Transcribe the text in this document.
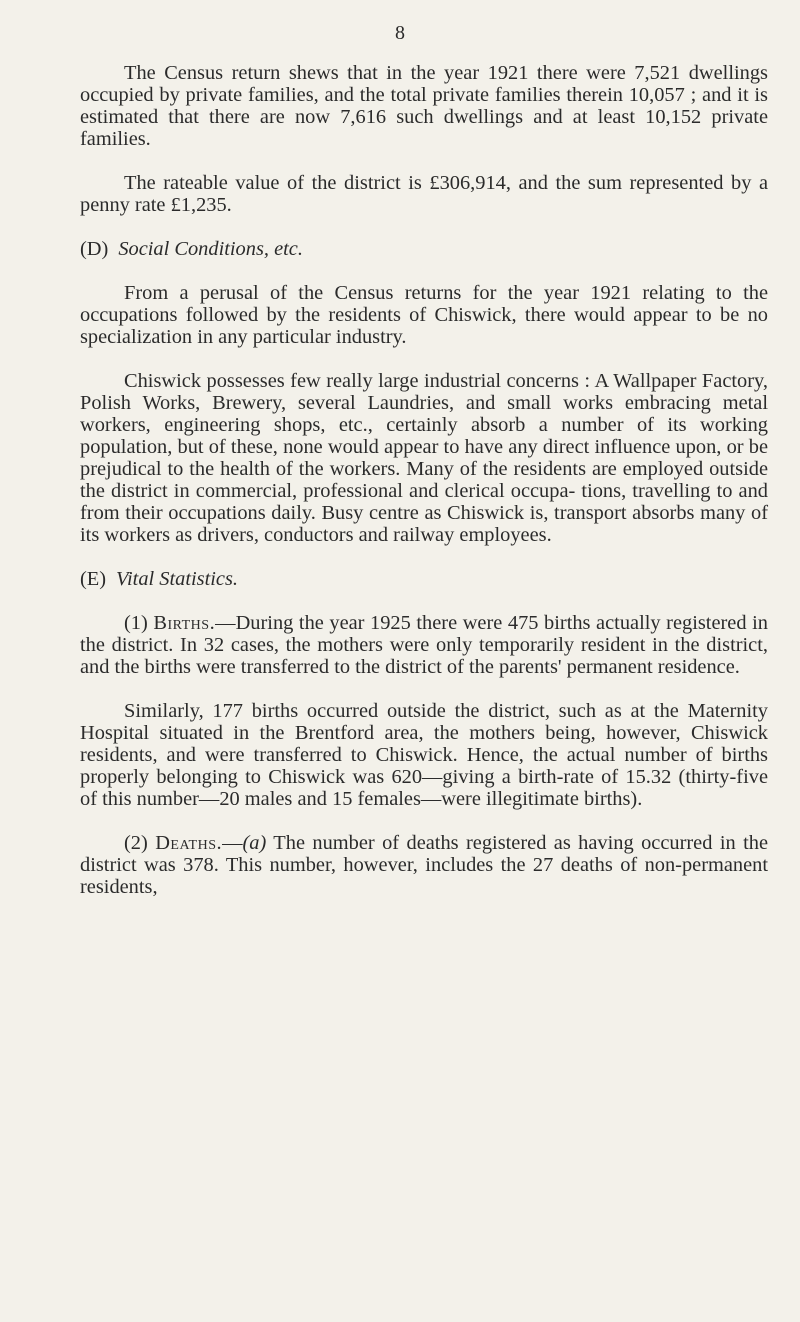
8

The Census return shews that in the year 1921 there were 7,521 dwellings occupied by private families, and the total private families therein 10,057 ; and it is estimated that there are now 7,616 such dwellings and at least 10,152 private families.

The rateable value of the district is £306,914, and the sum represented by a penny rate £1,235.

(D) Social Conditions, etc.

From a perusal of the Census returns for the year 1921 relating to the occupations followed by the residents of Chiswick, there would appear to be no specialization in any particular industry.

Chiswick possesses few really large industrial concerns : A Wallpaper Factory, Polish Works, Brewery, several Laundries, and small works embracing metal workers, engineering shops, etc., certainly absorb a number of its working population, but of these, none would appear to have any direct influence upon, or be prejudical to the health of the workers. Many of the residents are employed outside the district in commercial, professional and clerical occupa- tions, travelling to and from their occupations daily. Busy centre as Chiswick is, transport absorbs many of its workers as drivers, conductors and railway employees.

(E) Vital Statistics.

(1) Births.—During the year 1925 there were 475 births actually registered in the district. In 32 cases, the mothers were only temporarily resident in the district, and the births were transferred to the district of the parents' permanent residence.

Similarly, 177 births occurred outside the district, such as at the Maternity Hospital situated in the Brentford area, the mothers being, however, Chiswick residents, and were transferred to Chiswick. Hence, the actual number of births properly belonging to Chiswick was 620—giving a birth-rate of 15.32 (thirty-five of this number—20 males and 15 females—were illegitimate births).

(2) Deaths.—(a) The number of deaths registered as having occurred in the district was 378. This number, however, includes the 27 deaths of non-permanent residents,
